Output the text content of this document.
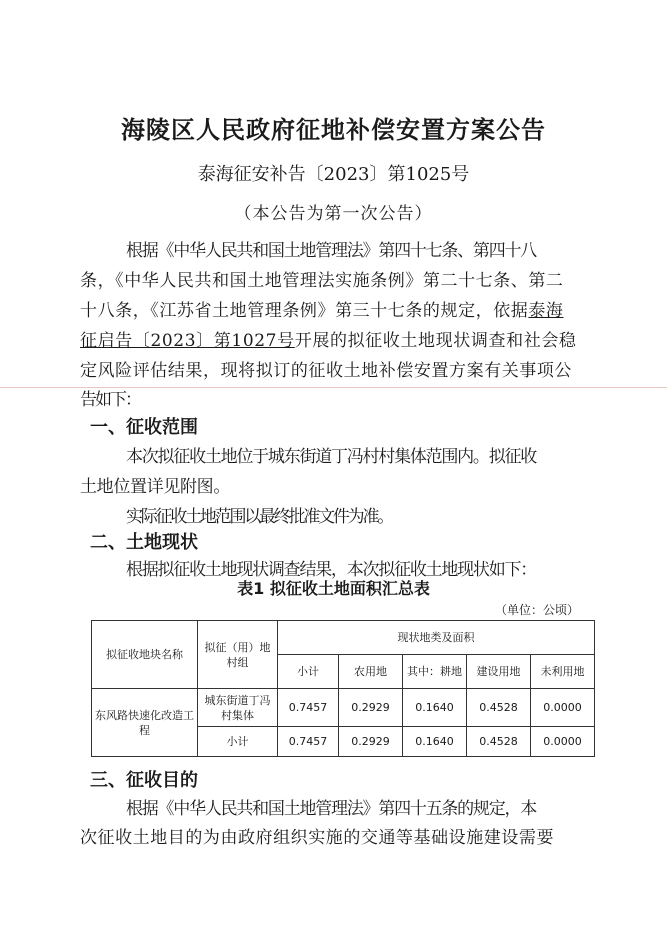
海陵区人民政府征地补偿安置方案公告
泰海征安补告〔2023〕第1025号
（本公告为第一次公告）
根据《中华人民共和国土地管理法》第四十七条、第四十八
条，《中华人民共和国土地管理法实施条例》第二十七条、第二
十八条，《江苏省土地管理条例》第三十七条的规定，依据泰海
征启告〔2023〕第1027号开展的拟征收土地现状调查和社会稳
定风险评估结果，现将拟订的征收土地补偿安置方案有关事项公
告如下：
一、征收范围
本次拟征收土地位于城东街道丁冯村村集体范围内。拟征收
土地位置详见附图。
实际征收土地范围以最终批准文件为准。
二、土地现状
根据拟征收土地现状调查结果，本次拟征收土地现状如下：
表1 拟征收土地面积汇总表
（单位：公顷）
拟征收地块名称	拟征（用）地村组	现状地类及面积				
		小计	农用地	其中：耕地	建设用地	未利用地
东风路快速化改造工程	城东街道丁冯村集体	0.7457	0.2929	0.1640	0.4528	0.0000
	小计	0.7457	0.2929	0.1640	0.4528	0.0000
三、征收目的
根据《中华人民共和国土地管理法》第四十五条的规定，本
次征收土地目的为由政府组织实施的交通等基础设施建设需要
